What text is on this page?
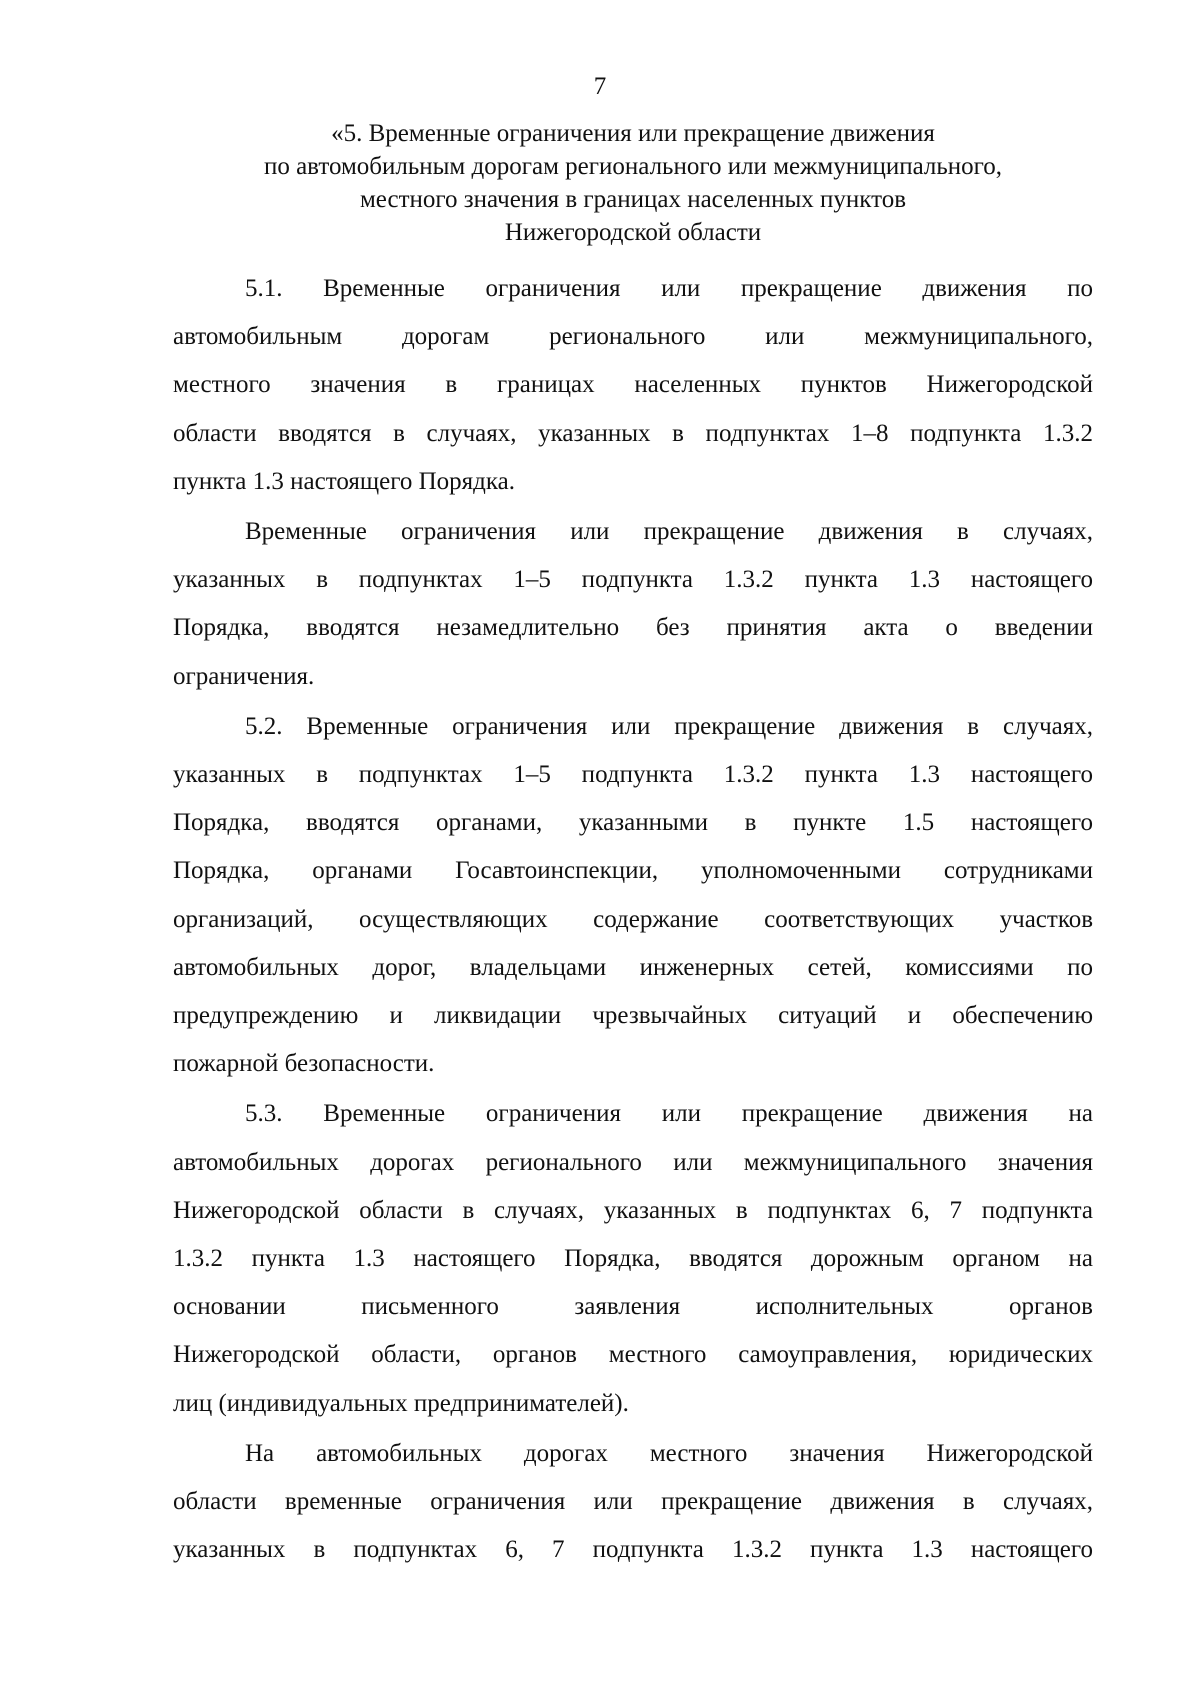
7
«5. Временные ограничения или прекращение движения
по автомобильным дорогам регионального или межмуниципального,
местного значения в границах населенных пунктов
Нижегородской области

5.1. Временные ограничения или прекращение движения по
автомобильным дорогам регионального или межмуниципального,
местного значения в границах населенных пунктов Нижегородской
области вводятся в случаях, указанных в подпунктах 1–8 подпункта 1.3.2
пункта 1.3 настоящего Порядка.

Временные ограничения или прекращение движения в случаях,
указанных в подпунктах 1–5 подпункта 1.3.2 пункта 1.3 настоящего
Порядка, вводятся незамедлительно без принятия акта о введении
ограничения.

5.2. Временные ограничения или прекращение движения в случаях,
указанных в подпунктах 1–5 подпункта 1.3.2 пункта 1.3 настоящего
Порядка, вводятся органами, указанными в пункте 1.5 настоящего
Порядка, органами Госавтоинспекции, уполномоченными сотрудниками
организаций, осуществляющих содержание соответствующих участков
автомобильных дорог, владельцами инженерных сетей, комиссиями по
предупреждению и ликвидации чрезвычайных ситуаций и обеспечению
пожарной безопасности.

5.3. Временные ограничения или прекращение движения на
автомобильных дорогах регионального или межмуниципального значения
Нижегородской области в случаях, указанных в подпунктах 6, 7 подпункта
1.3.2 пункта 1.3 настоящего Порядка, вводятся дорожным органом на
основании письменного заявления исполнительных органов
Нижегородской области, органов местного самоуправления, юридических
лиц (индивидуальных предпринимателей).

На автомобильных дорогах местного значения Нижегородской
области временные ограничения или прекращение движения в случаях,
указанных в подпунктах 6, 7 подпункта 1.3.2 пункта 1.3 настоящего
